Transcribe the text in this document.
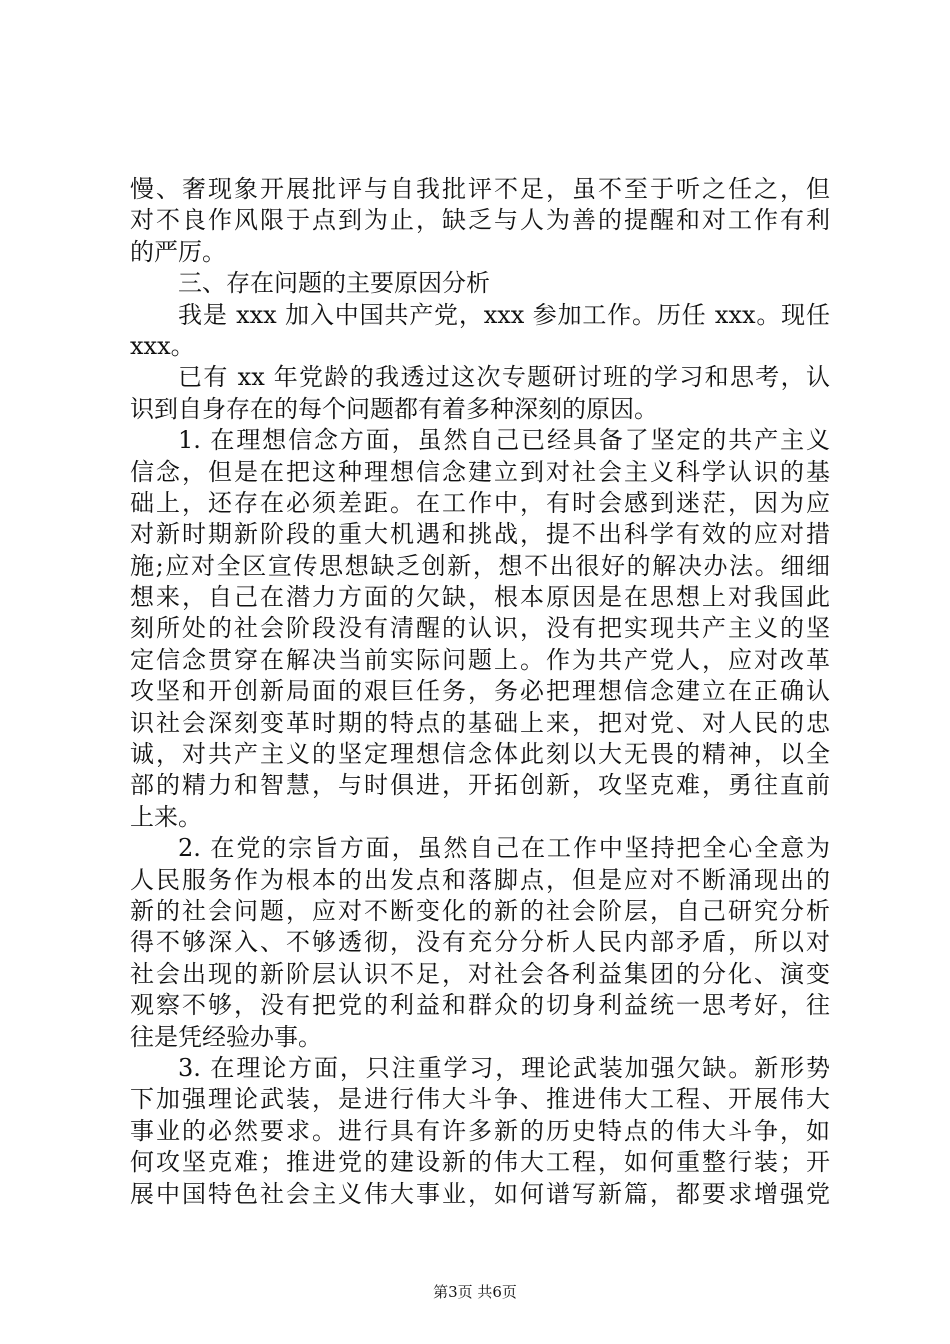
慢、奢现象开展批评与自我批评不足，虽不至于听之任之，但
对不良作风限于点到为止，缺乏与人为善的提醒和对工作有利
的严厉。
三、存在问题的主要原因分析
我是 xxx 加入中国共产党，xxx 参加工作。历任 xxx。现任
xxx。
已有 xx 年党龄的我透过这次专题研讨班的学习和思考，认
识到自身存在的每个问题都有着多种深刻的原因。
1. 在理想信念方面，虽然自己已经具备了坚定的共产主义
信念，但是在把这种理想信念建立到对社会主义科学认识的基
础上，还存在必须差距。在工作中，有时会感到迷茫，因为应
对新时期新阶段的重大机遇和挑战，提不出科学有效的应对措
施;应对全区宣传思想缺乏创新，想不出很好的解决办法。细细
想来，自己在潜力方面的欠缺，根本原因是在思想上对我国此
刻所处的社会阶段没有清醒的认识，没有把实现共产主义的坚
定信念贯穿在解决当前实际问题上。作为共产党人，应对改革
攻坚和开创新局面的艰巨任务，务必把理想信念建立在正确认
识社会深刻变革时期的特点的基础上来，把对党、对人民的忠
诚，对共产主义的坚定理想信念体此刻以大无畏的精神，以全
部的精力和智慧，与时俱进，开拓创新，攻坚克难，勇往直前
上来。
2. 在党的宗旨方面，虽然自己在工作中坚持把全心全意为
人民服务作为根本的出发点和落脚点，但是应对不断涌现出的
新的社会问题，应对不断变化的新的社会阶层，自己研究分析
得不够深入、不够透彻，没有充分分析人民内部矛盾，所以对
社会出现的新阶层认识不足，对社会各利益集团的分化、演变
观察不够，没有把党的利益和群众的切身利益统一思考好，往
往是凭经验办事。
3. 在理论方面，只注重学习，理论武装加强欠缺。新形势
下加强理论武装，是进行伟大斗争、推进伟大工程、开展伟大
事业的必然要求。进行具有许多新的历史特点的伟大斗争，如
何攻坚克难；推进党的建设新的伟大工程，如何重整行装；开
展中国特色社会主义伟大事业，如何谱写新篇，都要求增强党
第3页 共6页
